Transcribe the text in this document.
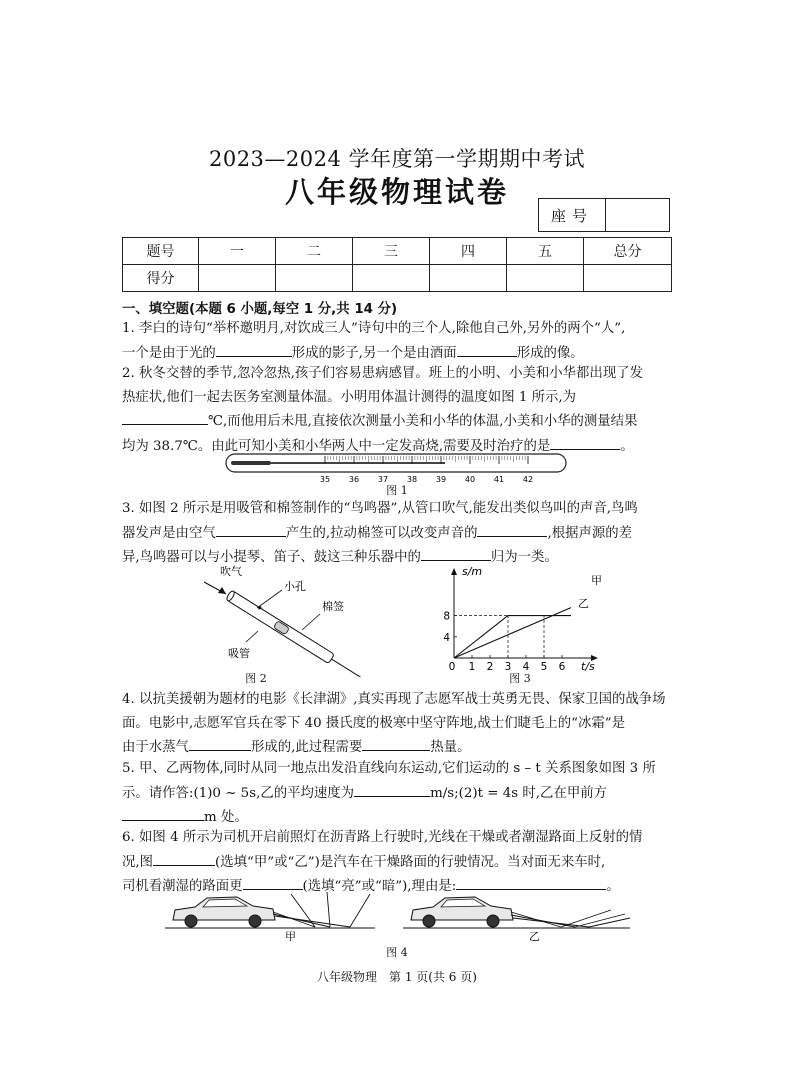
2023—2024 学年度第一学期期中考试
八年级物理试卷
座号
题号	一	二	三	四	五	总分
得分						
一、填空题(本题 6 小题,每空 1 分,共 14 分)
1. 李白的诗句“举杯邀明月,对饮成三人”诗句中的三个人,除他自己外,另外的两个“人”,
一个是由于光的	形成的影子,另一个是由酒面	形成的像。
2. 秋冬交替的季节,忽冷忽热,孩子们容易患病感冒。班上的小明、小美和小华都出现了发
热症状,他们一起去医务室测量体温。小明用体温计测得的温度如图 1 所示,为
℃,而他用后未甩,直接依次测量小美和小华的体温,小美和小华的测量结果
均为 38.7℃。由此可知小美和小华两人中一定发高烧,需要及时治疗的是	。
35 36 37 38 39 40 41 42
图 1
3. 如图 2 所示是用吸管和棉签制作的“鸟鸣器”,从管口吹气,能发出类似鸟叫的声音,鸟鸣
器发声是由空气	产生的,拉动棉签可以改变声音的	,根据声源的差
异,鸟鸣器可以与小提琴、笛子、鼓这三种乐器中的	归为一类。
吹气
小孔
棉签
吸管
图 2
s/m
t/s
0 1 2 3 4 5 6
4
8
甲
乙
图 3
4. 以抗美援朝为题材的电影《长津湖》,真实再现了志愿军战士英勇无畏、保家卫国的战争场
面。电影中,志愿军官兵在零下 40 摄氏度的极寒中坚守阵地,战士们睫毛上的“冰霜”是
由于水蒸气	形成的,此过程需要	热量。
5. 甲、乙两物体,同时从同一地点出发沿直线向东运动,它们运动的 s – t 关系图象如图 3 所
示。请作答:(1)0 ~ 5s,乙的平均速度为	m/s;(2)t = 4s 时,乙在甲前方
m 处。
6. 如图 4 所示为司机开启前照灯在沥青路上行驶时,光线在干燥或者潮湿路面上反射的情
况,图	(选填“甲”或“乙”)是汽车在干燥路面的行驶情况。当对面无来车时,
司机看潮湿的路面更	(选填“亮”或“暗”),理由是:	。
甲	乙
图 4
八年级物理　第 1 页(共 6 页)
